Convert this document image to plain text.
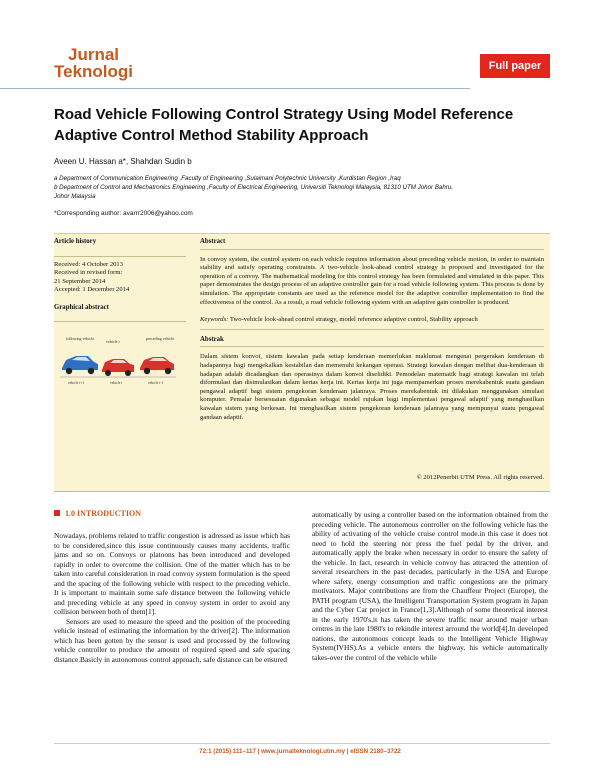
Jurnal
Teknologi	Full paper
Road Vehicle Following Control Strategy Using Model Reference Adaptive Control Method Stability Approach
Aveen U. Hassan a*, Shahdan Sudin b
a Department of Communication Engineering ,Faculty of Engineering ,Sulaimani Polytechnic University ,Kurdistan Region ,Iraq
b Department of Control and Mechatronics Engineering ,Faculty of Electrical Engineering, Universiti Teknologi Malaysia, 81310 UTM Johor Bahru,
Johor Malaysia
*Corresponding author: avarrr2006@yahoo.com
Article history

Received: 4 October 2013

Received in revised form:

21 September 2014

Accepted: 1 December 2014

Graphical abstract
following vehicle
vehicle i
preceding vehicle
vehicle i+1	vehicle i	vehicle i-1
Abstract

In convoy system, the control system on each vehicle requires information about preceding vehicle motion, in order to maintain stability and satisfy operating constraints. A two-vehicle look-ahead control strategy is proposed and investigated for the operation of a convoy. The mathematical modeling for this control strategy has been formulated and simulated in this paper. This paper demonstrates the design process of an adaptive controller gain for a road vehicle following system. This process is done by simulation. The appropriate constants are used as the reference model for the adaptive controller implementation to find the effectiveness of the control. As a result, a road vehicle following system with an adaptive gain controller is produced.

Keywords: Two-vehicle look-ahead control strategy, model reference adaptive control, Stability approach

Abstrak

Dalam sistem konvoi, sistem kawalan pada setiap kenderaan memerlukan maklumat mengenai pergerakan kenderaan di hadapannya bagi mengekalkan kestabilan dan memenuhi kekangan operasi. Strategi kawalan dengan melihat dua-kenderaan di hadapan adalah dicadangkan dan operasinya dalam konvoi diselidiki. Pemodelan matematik bagi strategi kawalan ini telah diformulasi dan disimulasikan dalam kertas kerja ini. Kertas kerja ini juga mempamerkan proses merekabentuk suatu gandaan pengawal adaptif bagi sistem pengekoran kenderaan jalanraya. Proses merekabentuk ini dilakukan menggunakan simulasi komputer. Pemalar bersesuaian digunakan sebagai model rujukan bagi implementasi pengawal adaptif yang menghasilkan kawalan sistem yang berkesan. Ini menghasilkan sistem pengekoran kenderaan jalanraya yang mempunyai suatu pengawal gandaan adaptif.

© 2012Penerbit UTM Press. All rights reserved.
1.0 INTRODUCTION

Nowadays, problems related to traffic congestion is adressed as issue which has to be considered,since this issue continuously causes many accidents, traffic jams and so on. Convoys or platoons has been introduced and developed rapidly in order to overcome the collision. One of the matter which has to be taken into careful consideration in road convoy system formulation is the speed and the spacing of the following vehicle with respect to the preceding vehicle. It is important to maintain some safe distance between the following vehicle and preceding vehicle at any speed in convoy system in order to avoid any collision between both of them[1].

Sensors are used to measure the speed and the position of the proceeding vehicle instead of estimating the information by the driver[2]. The information which has been gotten by the sensor is used and processed by the following vehicle controller to produce the amount of required speed and safe spacing distance.Basicly in autonomous control approach, safe distance can be ensured

automatically by using a controller based on the information obtained from the preceding vehicle. The autonomous controller on the following vehicle has the ability of activating of the vehicle cruise control mode.in this case it does not need to hold the steering nor press the fuel pedal by the driver, and automatically apply the brake when necessary in order to ensure the safety of the vehicle. In fact, research in vehicle convoy has attracted the attention of several researchers in the past decades, particularly in the USA and Europe where safety, energy consumption and traffic congestions are the primary motivators. Major contributions are from the Chauffeur Project (Europe), the PATH program (USA), the Intelligent Transportation System program in Japan and the Cyber Car project in France[1,3].Although of some theoretical interest in the early 1970's,it has taken the severe traffic near around major urban centres in the late 1980's to rekindle interest arround the world[4].In developed nations, the autonomous concept leads to the Intelligent Vehicle Highway System(IVHS).As a vehicle enters the highway, his vehicle automatically takes-over the control of the vehicle while

72:1 (2015) 111–117 | www.jurnalteknologi.utm.my | eISSN 2180–3722
